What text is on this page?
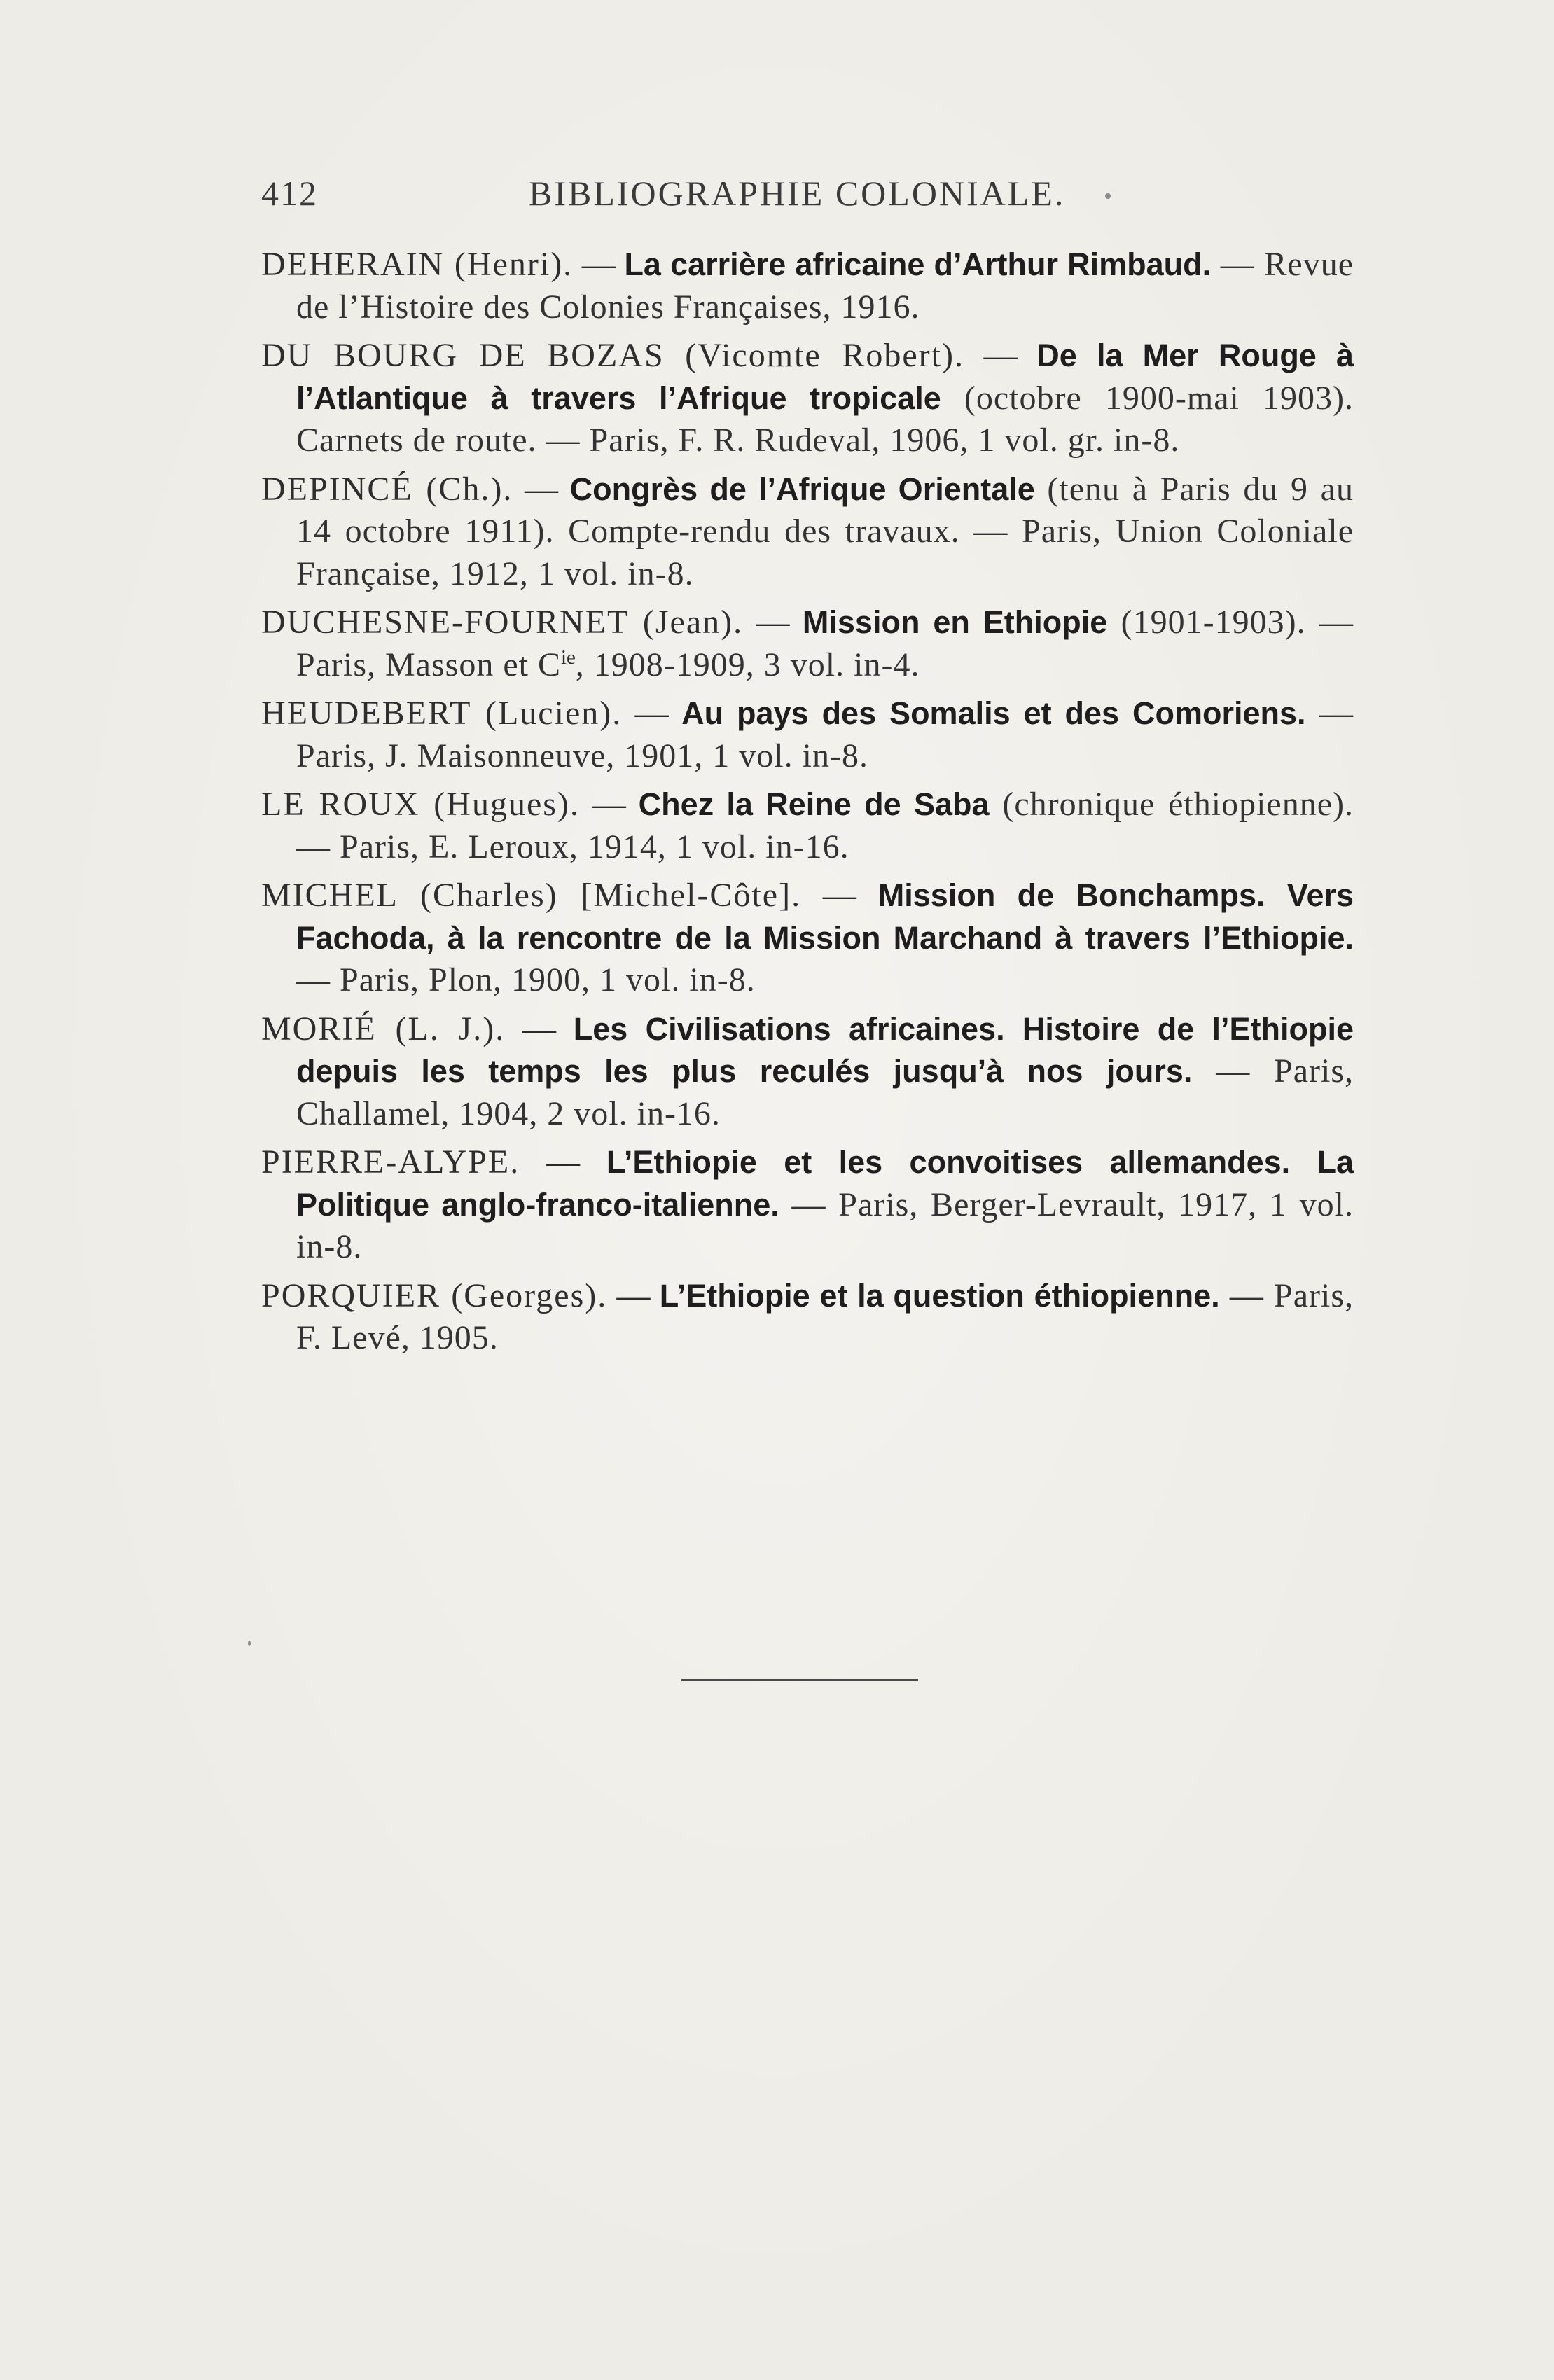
412	BIBLIOGRAPHIE COLONIALE.

DEHERAIN (Henri). — La carrière africaine d’Arthur Rimbaud. — Revue de l’Histoire des Colonies Françaises, 1916.

DU BOURG DE BOZAS (Vicomte Robert). — De la Mer Rouge à l’Atlantique à travers l’Afrique tropicale (octobre 1900-mai 1903). Carnets de route. — Paris, F. R. Rudeval, 1906, 1 vol. gr. in-8.

DEPINCÉ (Ch.). — Congrès de l’Afrique Orientale (tenu à Paris du 9 au 14 octobre 1911). Compte-rendu des travaux. — Paris, Union Coloniale Française, 1912, 1 vol. in-8.

DUCHESNE-FOURNET (Jean). — Mission en Ethiopie (1901-1903). — Paris, Masson et $C^{ie}$, 1908-1909, 3 vol. in-4.

HEUDEBERT (Lucien). — Au pays des Somalis et des Comoriens. — Paris, J. Maisonneuve, 1901, 1 vol. in-8.

LE ROUX (Hugues). — Chez la Reine de Saba (chronique éthiopienne). — Paris, E. Leroux, 1914, 1 vol. in-16.

MICHEL (Charles) [Michel-Côte]. — Mission de Bonchamps. Vers Fachoda, à la rencontre de la Mission Marchand à travers l’Ethiopie. — Paris, Plon, 1900, 1 vol. in-8.

MORIÉ (L. J.). — Les Civilisations africaines. Histoire de l’Ethiopie depuis les temps les plus reculés jusqu’à nos jours. — Paris, Challamel, 1904, 2 vol. in-16.

PIERRE-ALYPE. — L’Ethiopie et les convoitises allemandes. La Politique anglo-franco-italienne. — Paris, Berger-Levrault, 1917, 1 vol. in-8.

PORQUIER (Georges). — L’Ethiopie et la question éthiopienne. — Paris, F. Levé, 1905.
